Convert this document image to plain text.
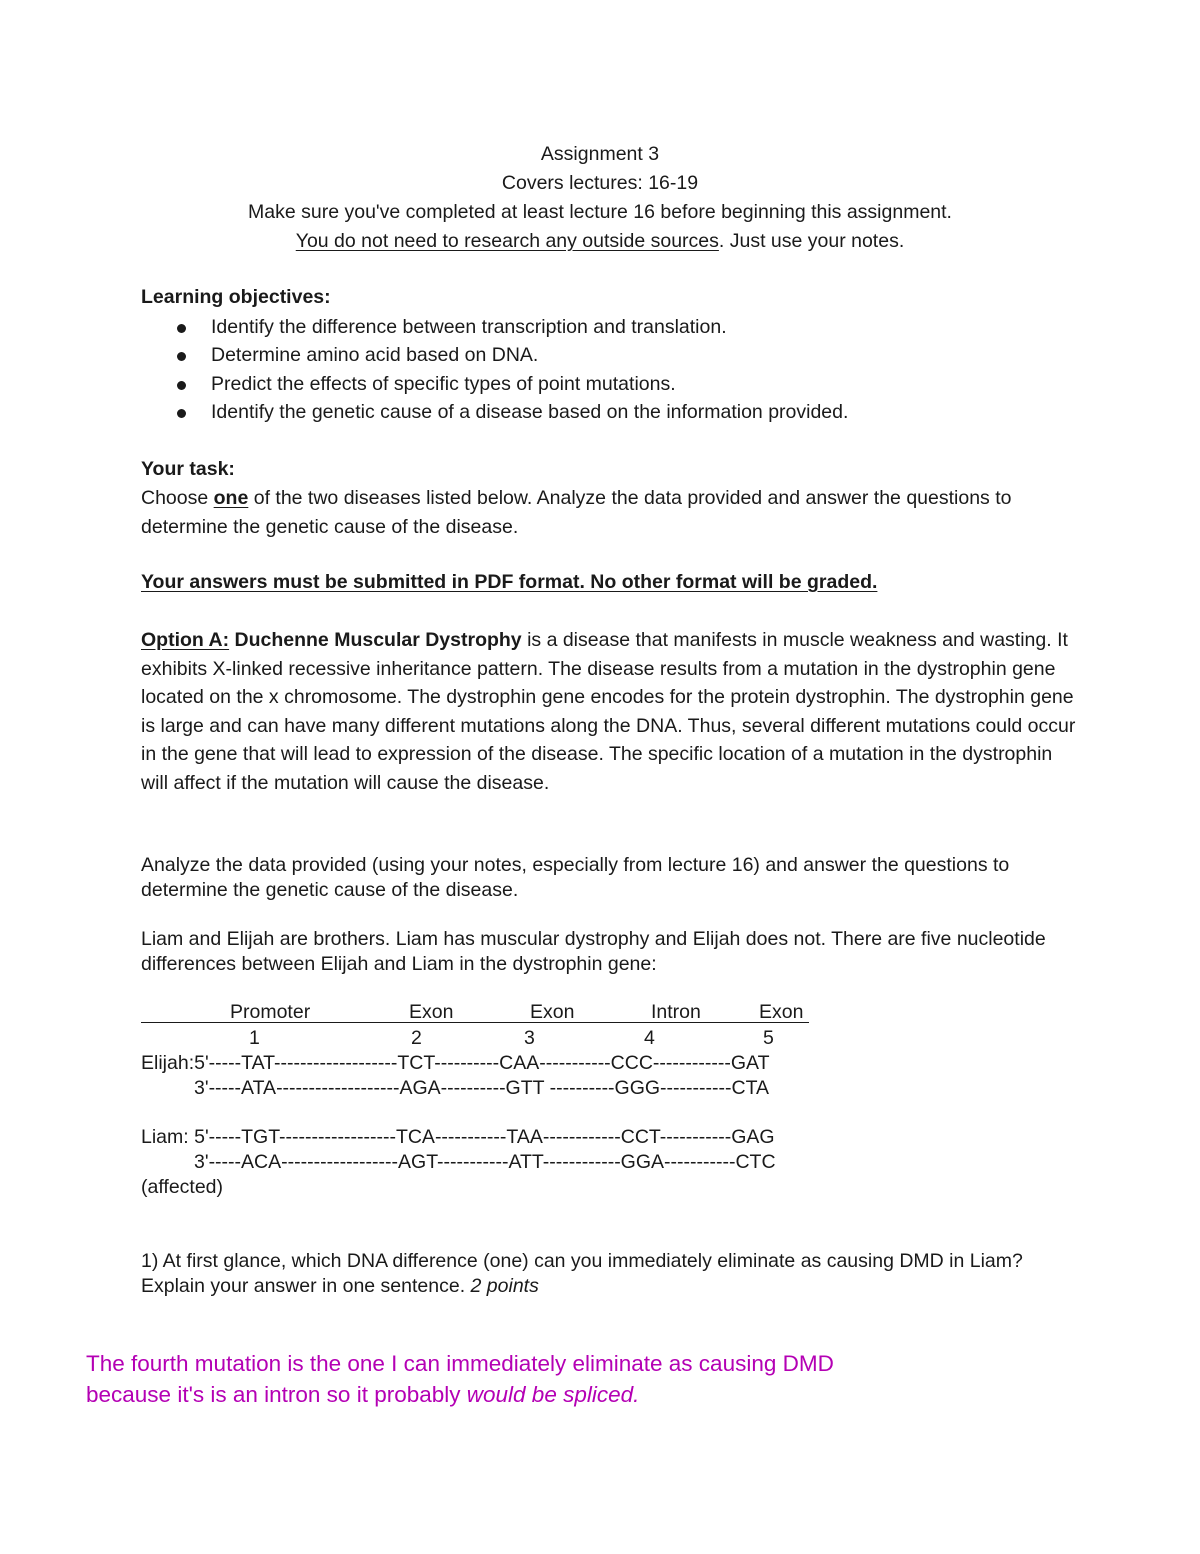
Assignment 3
Covers lectures: 16-19
Make sure you've completed at least lecture 16 before beginning this assignment.
You do not need to research any outside sources. Just use your notes.
Learning objectives:
Identify the difference between transcription and translation.
Determine amino acid based on DNA.
Predict the effects of specific types of point mutations.
Identify the genetic cause of a disease based on the information provided.
Your task:
Choose one of the two diseases listed below. Analyze the data provided and answer the questions to determine the genetic cause of the disease.
Your answers must be submitted in PDF format. No other format will be graded.
Option A: Duchenne Muscular Dystrophy is a disease that manifests in muscle weakness and wasting. It exhibits X-linked recessive inheritance pattern. The disease results from a mutation in the dystrophin gene located on the x chromosome. The dystrophin gene encodes for the protein dystrophin. The dystrophin gene is large and can have many different mutations along the DNA. Thus, several different mutations could occur in the gene that will lead to expression of the disease. The specific location of a mutation in the dystrophin will affect if the mutation will cause the disease.
Analyze the data provided (using your notes, especially from lecture 16) and answer the questions to determine the genetic cause of the disease.
Liam and Elijah are brothers. Liam has muscular dystrophy and Elijah does not. There are five nucleotide differences between Elijah and Liam in the dystrophin gene:
Promoter	Exon	Exon	Intron	Exon
1	2	3	4	5
Elijah:5'-----TAT-------------------TCT----------CAA-----------CCC------------GAT
3'-----ATA-------------------AGA----------GTT ----------GGG-----------CTA
Liam: 5'-----TGT------------------TCA-----------TAA------------CCT-----------GAG
3'-----ACA------------------AGT-----------ATT------------GGA-----------CTC
(affected)
1) At first glance, which DNA difference (one) can you immediately eliminate as causing DMD in Liam? Explain your answer in one sentence. 2 points
The fourth mutation is the one I can immediately eliminate as causing DMD
because it's is an intron so it probably would be spliced.
